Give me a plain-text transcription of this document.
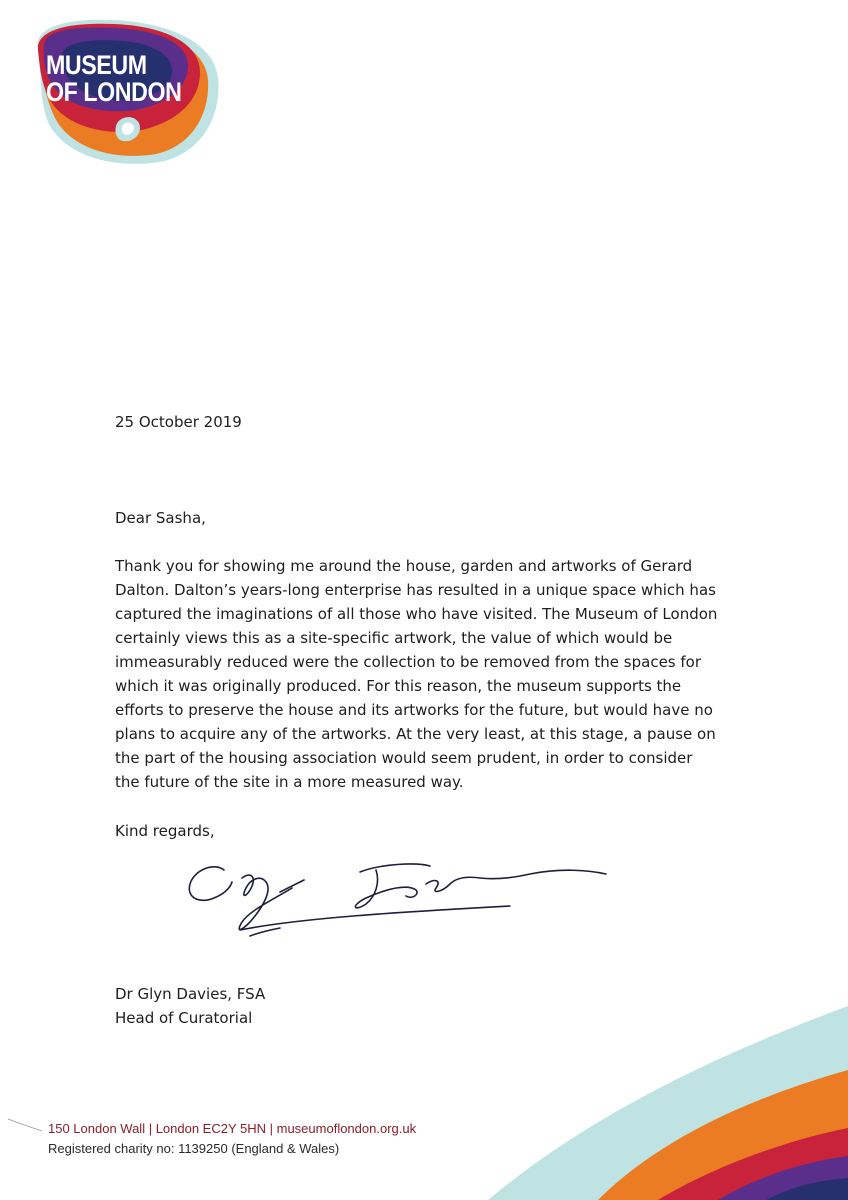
MUSEUM
OF LONDON
25 October 2019
Dear Sasha,
Thank you for showing me around the house, garden and artworks of Gerard
Dalton. Dalton’s years-long enterprise has resulted in a unique space which has
captured the imaginations of all those who have visited. The Museum of London
certainly views this as a site-specific artwork, the value of which would be
immeasurably reduced were the collection to be removed from the spaces for
which it was originally produced. For this reason, the museum supports the
efforts to preserve the house and its artworks for the future, but would have no
plans to acquire any of the artworks. At the very least, at this stage, a pause on
the part of the housing association would seem prudent, in order to consider
the future of the site in a more measured way.
Kind regards,
Dr Glyn Davies, FSA
Head of Curatorial
150 London Wall | London EC2Y 5HN | museumoflondon.org.uk
Registered charity no: 1139250 (England & Wales)
